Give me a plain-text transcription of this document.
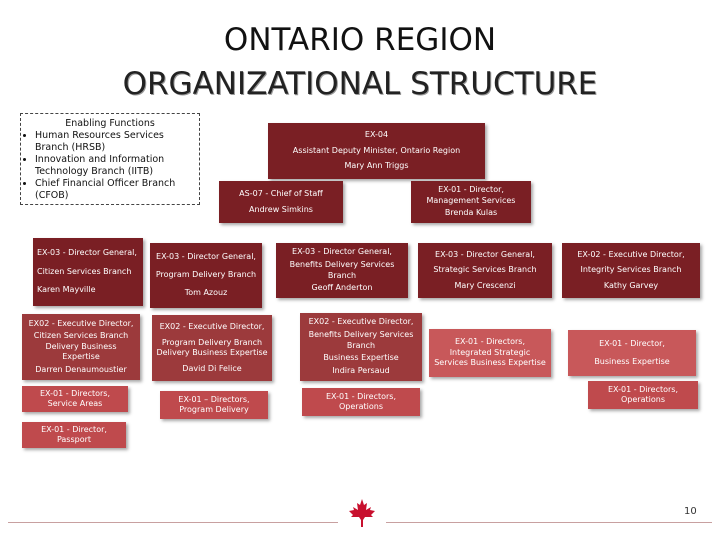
ONTARIO REGION
ORGANIZATIONAL STRUCTURE
Enabling Functions
• Human Resources Services Branch (HRSB)
• Innovation and Information Technology Branch (IITB)
• Chief Financial Officer Branch (CFOB)
EX-04
Assistant Deputy Minister, Ontario Region
Mary Ann Triggs
AS-07 - Chief of Staff
Andrew Simkins
EX-01 - Director, Management Services
Brenda Kulas
EX-03 - Director General,
Citizen Services Branch
Karen Mayville
EX-03 - Director General,
Program Delivery Branch
Tom Azouz
EX-03 - Director General,
Benefits Delivery Services Branch
Geoff Anderton
EX-03 - Director General,
Strategic Services Branch
Mary Crescenzi
EX-02 - Executive Director,
Integrity Services Branch
Kathy Garvey
EX02 - Executive Director,
Citizen Services Branch Delivery Business Expertise
Darren Denaumoustier
EX02 - Executive Director,
Program Delivery Branch Delivery Business Expertise
David Di Felice
EX02 - Executive Director,
Benefits Delivery Services Branch
Business Expertise
Indira Persaud
EX-01 - Directors, Integrated Strategic Services Business Expertise
EX-01 - Director,
Business Expertise
EX-01 - Directors, Service Areas	EX-01 – Directors, Program Delivery
EX-01 - Directors, Operations
EX-01 - Directors, Operations
EX-01 - Director, Passport
10
